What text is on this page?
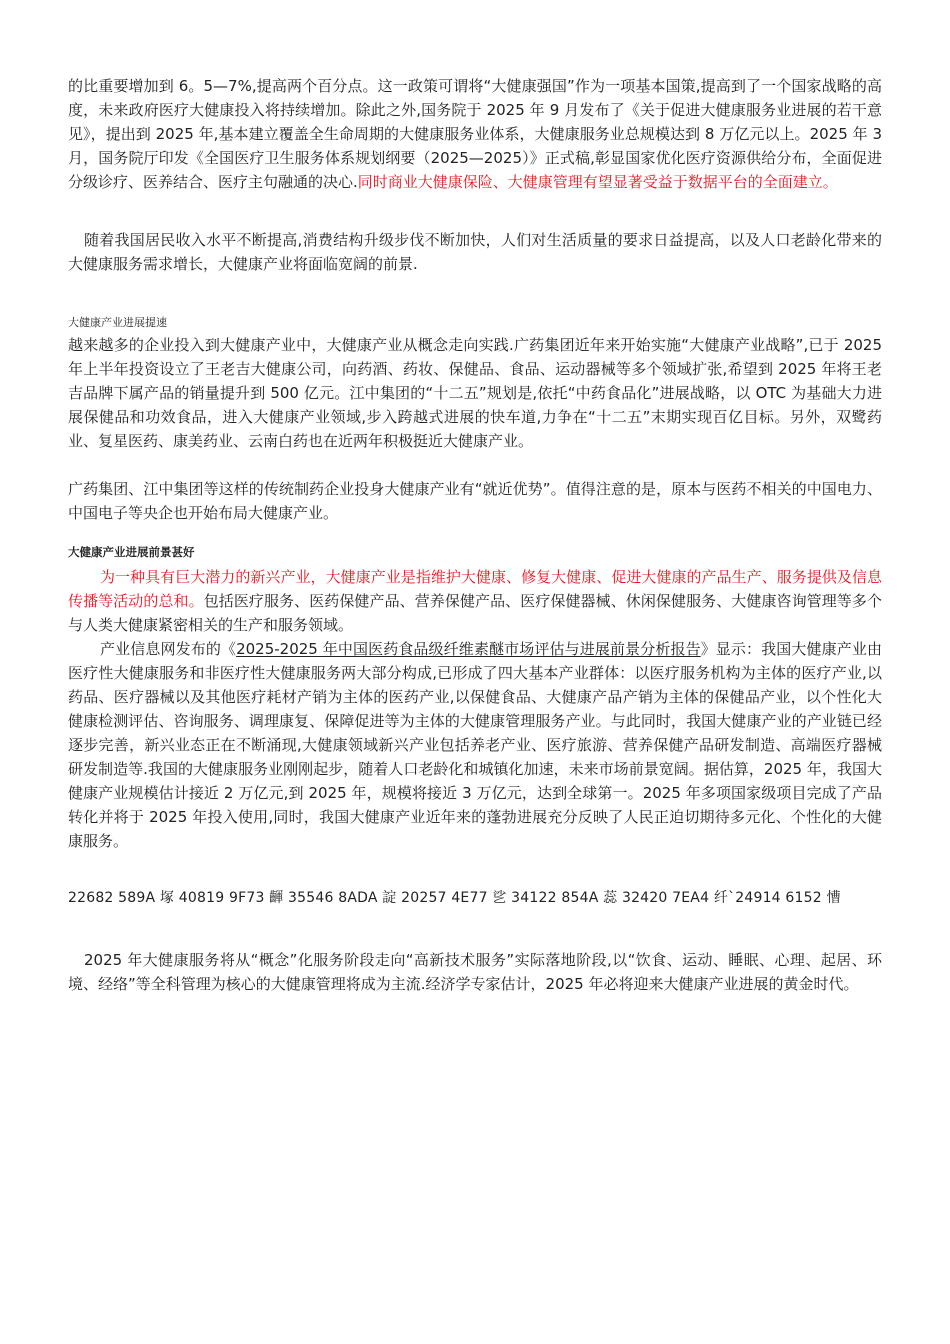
的比重要增加到 6。5—7%,提高两个百分点。这一政策可谓将“大健康强国”作为一项基本国策,提高到了一个国家战略的高度，未来政府医疗大健康投入将持续增加。除此之外,国务院于 2025 年 9 月发布了《关于促进大健康服务业进展的若干意见》，提出到 2025 年,基本建立覆盖全生命周期的大健康服务业体系，大健康服务业总规模达到 8 万亿元以上。2025 年 3 月，国务院厅印发《全国医疗卫生服务体系规划纲要（2025—2025）》正式稿,彰显国家优化医疗资源供给分布，全面促进分级诊疗、医养结合、医疗主句融通的决心.同时商业大健康保险、大健康管理有望显著受益于数据平台的全面建立。

随着我国居民收入水平不断提高,消费结构升级步伐不断加快，人们对生活质量的要求日益提高，以及人口老龄化带来的大健康服务需求增长，大健康产业将面临宽阔的前景.

大健康产业进展提速

越来越多的企业投入到大健康产业中，大健康产业从概念走向实践.广药集团近年来开始实施“大健康产业战略”,已于 2025 年上半年投资设立了王老吉大健康公司，向药酒、药妆、保健品、食品、运动器械等多个领域扩张,希望到 2025 年将王老吉品牌下属产品的销量提升到 500 亿元。江中集团的“十二五”规划是,依托“中药食品化”进展战略，以 OTC 为基础大力进展保健品和功效食品，进入大健康产业领域,步入跨越式进展的快车道,力争在“十二五”末期实现百亿目标。另外，双鹭药业、复星医药、康美药业、云南白药也在近两年积极挺近大健康产业。

广药集团、江中集团等这样的传统制药企业投身大健康产业有“就近优势”。值得注意的是，原本与医药不相关的中国电力、中国电子等央企也开始布局大健康产业。

大健康产业进展前景甚好

为一种具有巨大潜力的新兴产业，大健康产业是指维护大健康、修复大健康、促进大健康的产品生产、服务提供及信息传播等活动的总和。包括医疗服务、医药保健产品、营养保健产品、医疗保健器械、休闲保健服务、大健康咨询管理等多个与人类大健康紧密相关的生产和服务领域。

产业信息网发布的《2025-2025 年中国医药食品级纤维素醚市场评估与进展前景分析报告》显示：我国大健康产业由医疗性大健康服务和非医疗性大健康服务两大部分构成,已形成了四大基本产业群体：以医疗服务机构为主体的医疗产业,以药品、医疗器械以及其他医疗耗材产销为主体的医药产业,以保健食品、大健康产品产销为主体的保健品产业，以个性化大健康检测评估、咨询服务、调理康复、保障促进等为主体的大健康管理服务产业。与此同时，我国大健康产业的产业链已经逐步完善，新兴业态正在不断涌现,大健康领域新兴产业包括养老产业、医疗旅游、营养保健产品研发制造、高端医疗器械研发制造等.我国的大健康服务业刚刚起步，随着人口老龄化和城镇化加速，未来市场前景宽阔。据估算，2025 年，我国大健康产业规模估计接近 2 万亿元,到 2025 年，规模将接近 3 万亿元，达到全球第一。2025 年多项国家级项目完成了产品转化并将于 2025 年投入使用,同时，我国大健康产业近年来的蓬勃进展充分反映了人民正迫切期待多元化、个性化的大健康服务。

22682 589A 塚 40819 9F73 齳 35546 8ADA 諚 20257 4E77 乷 34122 854A 蕊 32420 7EA4 纤`24914 6152 慒

2025 年大健康服务将从“概念”化服务阶段走向“高新技术服务”实际落地阶段,以“饮食、运动、睡眠、心理、起居、环境、经络”等全科管理为核心的大健康管理将成为主流.经济学专家估计，2025 年必将迎来大健康产业进展的黄金时代。
